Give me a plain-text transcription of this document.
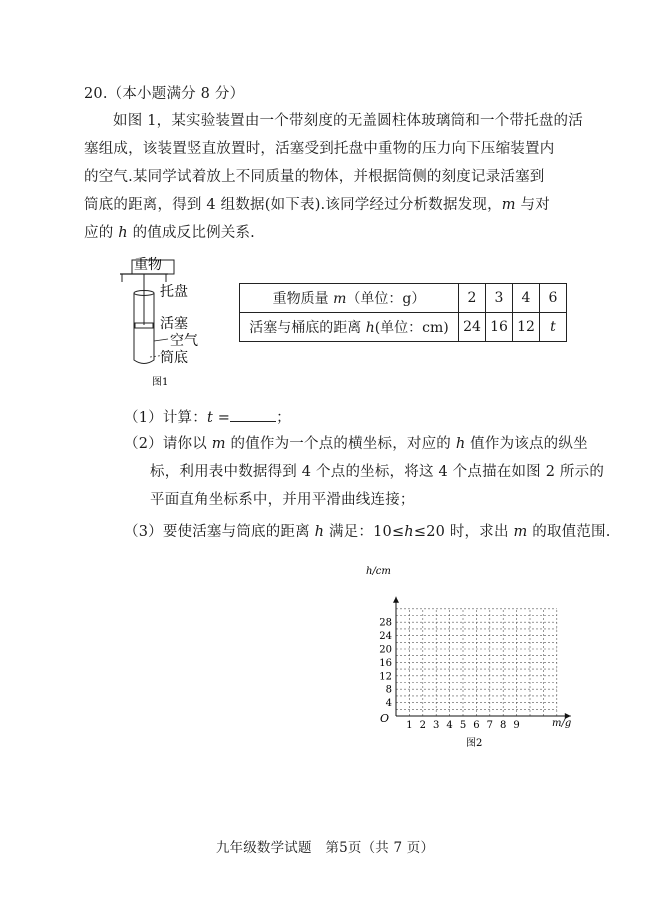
20.（本小题满分 8 分）
如图 1，某实验装置由一个带刻度的无盖圆柱体玻璃筒和一个带托盘的活
塞组成，该装置竖直放置时，活塞受到托盘中重物的压力向下压缩装置内
的空气.某同学试着放上不同质量的物体，并根据筒侧的刻度记录活塞到
筒底的距离，得到 4 组数据(如下表).该同学经过分析数据发现，m 与对
应的 h 的值成反比例关系.
重物
托盘
活塞
空气
筒底
图1
重物质量 m（单位：g）	2	3	4	6
活塞与桶底的距离 h(单位：cm)	24	16	12	t
（1）计算：t =	；
（2）请你以 m 的值作为一个点的横坐标，对应的 h 值作为该点的纵坐
标，利用表中数据得到 4 个点的坐标，将这 4 个点描在如图 2 所示的
平面直角坐标系中，并用平滑曲线连接；
（3）要使活塞与筒底的距离 h 满足：10≤h≤20 时，求出 m 的取值范围.
4
8
12
16
20
24
28
1 2 3 4 5 6 7 8 9
h/cm
m/g
O
图2
九年级数学试题　第5页（共 7 页）
